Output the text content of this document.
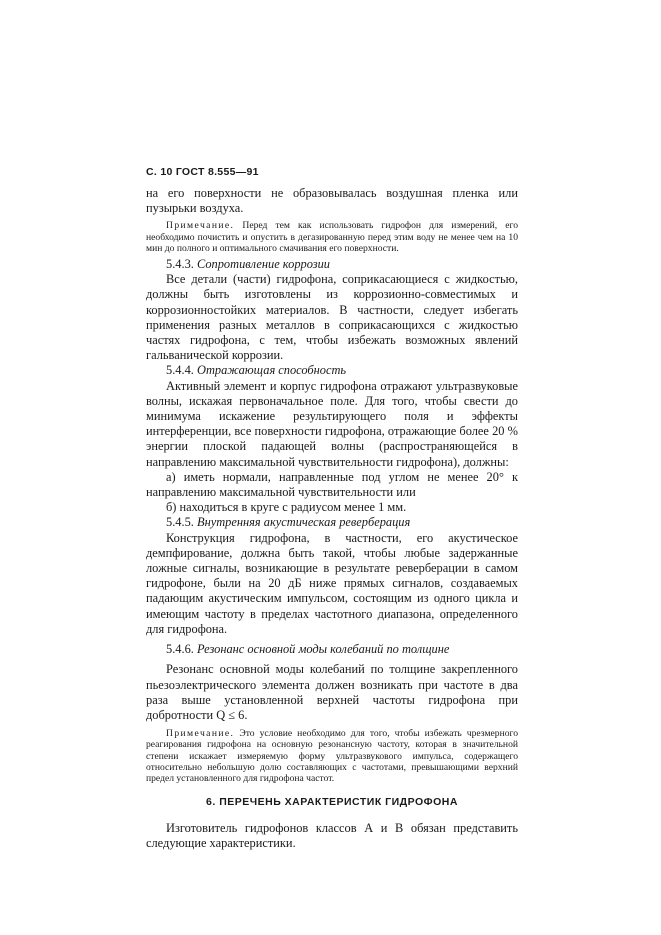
С. 10 ГОСТ 8.555—91

на его поверхности не образовывалась воздушная пленка или пузырьки воздуха.

Примечание. Перед тем как использовать гидрофон для измерений, его необходимо почистить и опустить в дегазированную перед этим воду не менее чем на 10 мин до полного и оптимального смачивания его поверхности.

5.4.3. Сопротивление коррозии

Все детали (части) гидрофона, соприкасающиеся с жидкостью, должны быть изготовлены из коррозионно-совместимых и коррозионностойких материалов. В частности, следует избегать применения разных металлов в соприкасающихся с жидкостью частях гидрофона, с тем, чтобы избежать возможных явлений гальванической коррозии.

5.4.4. Отражающая способность

Активный элемент и корпус гидрофона отражают ультразвуковые волны, искажая первоначальное поле. Для того, чтобы свести до минимума искажение результирующего поля и эффекты интерференции, все поверхности гидрофона, отражающие более 20 % энергии плоской падающей волны (распространяющейся в направлению максимальной чувствительности гидрофона), должны:

а) иметь нормали, направленные под углом не менее 20° к направлению максимальной чувствительности или

б) находиться в круге с радиусом менее 1 мм.

5.4.5. Внутренняя акустическая реверберация

Конструкция гидрофона, в частности, его акустическое демпфирование, должна быть такой, чтобы любые задержанные ложные сигналы, возникающие в результате реверберации в самом гидрофоне, были на 20 дБ ниже прямых сигналов, создаваемых падающим акустическим импульсом, состоящим из одного цикла и имеющим частоту в пределах частотного диапазона, определенного для гидрофона.

5.4.6. Резонанс основной моды колебаний по толщине

Резонанс основной моды колебаний по толщине закрепленного пьезоэлектрического элемента должен возникать при частоте в два раза выше установленной верхней частоты гидрофона при добротности Q ≤ 6.

Примечание. Это условие необходимо для того, чтобы избежать чрезмерного реагирования гидрофона на основную резонансную частоту, которая в значительной степени искажает измеряемую форму ультразвукового импульса, содержащего относительно небольшую долю составляющих с частотами, превышающими верхний предел установленного для гидрофона частот.

6. ПЕРЕЧЕНЬ ХАРАКТЕРИСТИК ГИДРОФОНА

Изготовитель гидрофонов классов А и В обязан представить следующие характеристики.
